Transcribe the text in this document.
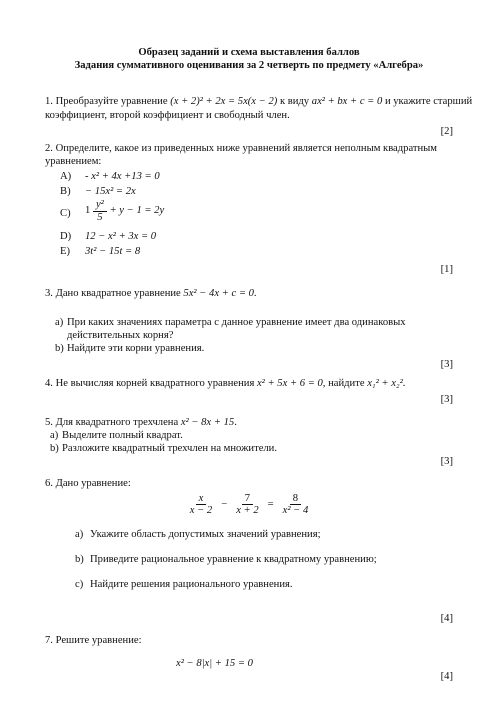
Образец заданий и схема выставления баллов
Задания суммативного оценивания за 2 четверть по предмету «Алгебра»
1. Преобразуйте уравнение (x + 2)² + 2x = 5x(x − 2) к виду ax² + bx + c = 0 и укажите старший
коэффициент, второй коэффициент и свободный член.
[2]
2. Определите, какое из приведенных ниже уравнений является неполным квадратным уравнением:
A) - x² + 4x +13 = 0
B) − 15x² = 2x
C) $1 \frac{\text{y²}}{5} + y - 1 = 2y$
D) 12 − x² + 3x = 0
E) 3t² − 15t = 8
[1]
3. Дано квадратное уравнение 5x² − 4x + c = 0.
a) При каких значениях параметра с данное уравнение имеет два одинаковых действительных корня?
b) Найдите эти корни уравнения.
[3]
4. Не вычисляя корней квадратного уравнения x² + 5x + 6 = 0, найдите x₁² + x₂².
[3]
5. Для квадратного трехчлена x² − 8x + 15.
a) Выделите полный квадрат.
b) Разложите квадратный трехчлен на множители.
[3]
6. Дано уравнение:
$\frac{x}{x - 2} - \frac{7}{x + 2} = \frac{8}{\text{x² − 4}}$
a) Укажите область допустимых значений уравнения;
b) Приведите рациональное уравнение к квадратному уравнению;
c) Найдите решения рационального уравнения.
[4]
7. Решите уравнение:
x² − 8|x| + 15 = 0
[4]
